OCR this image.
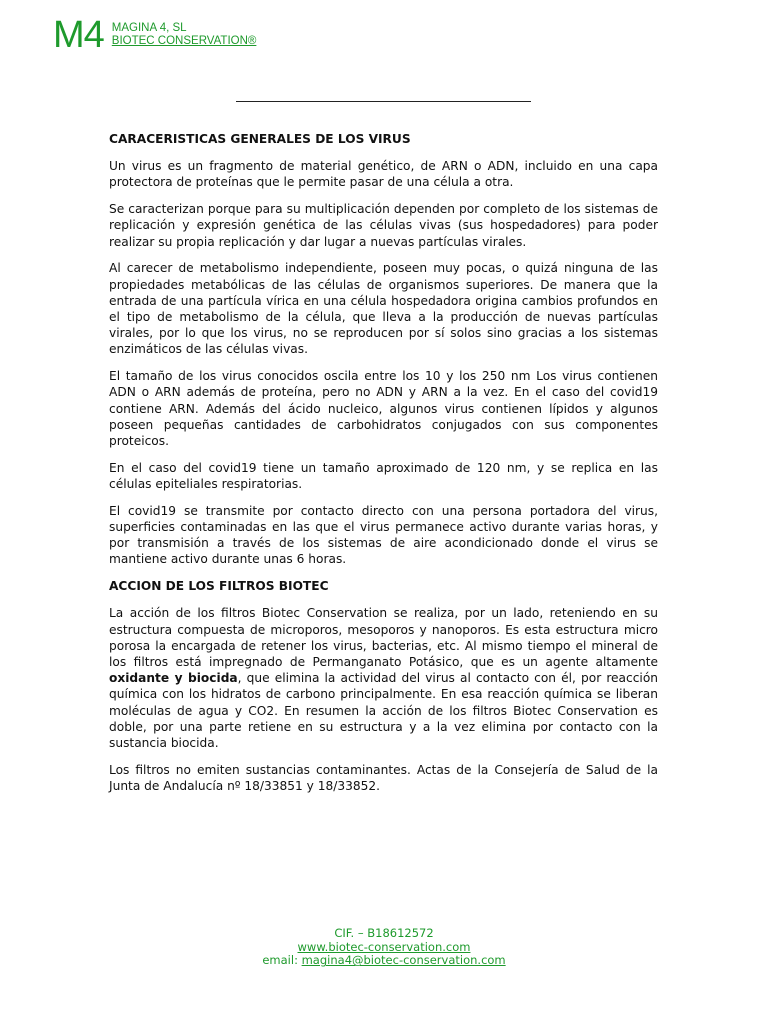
M4 MAGINA 4, SL
BIOTEC CONSERVATION®
CARACERISTICAS GENERALES DE LOS VIRUS

Un virus es un fragmento de material genético, de ARN o ADN, incluido en una capa protectora de proteínas que le permite pasar de una célula a otra.

Se caracterizan porque para su multiplicación dependen por completo de los sistemas de replicación y expresión genética de las células vivas (sus hospedadores) para poder realizar su propia replicación y dar lugar a nuevas partículas virales.

Al carecer de metabolismo independiente, poseen muy pocas, o quizá ninguna de las propiedades metabólicas de las células de organismos superiores. De manera que la entrada de una partícula vírica en una célula hospedadora origina cambios profundos en el tipo de metabolismo de la célula, que lleva a la producción de nuevas partículas virales, por lo que los virus, no se reproducen por sí solos sino gracias a los sistemas enzimáticos de las células vivas.

El tamaño de los virus conocidos oscila entre los 10 y los 250 nm Los virus contienen ADN o ARN además de proteína, pero no ADN y ARN a la vez. En el caso del covid19 contiene ARN. Además del ácido nucleico, algunos virus contienen lípidos y algunos poseen pequeñas cantidades de carbohidratos conjugados con sus componentes proteicos.

En el caso del covid19 tiene un tamaño aproximado de 120 nm, y se replica en las células epiteliales respiratorias.

El covid19 se transmite por contacto directo con una persona portadora del virus, superficies contaminadas en las que el virus permanece activo durante varias horas, y por transmisión a través de los sistemas de aire acondicionado donde el virus se mantiene activo durante unas 6 horas.

ACCION DE LOS FILTROS BIOTEC

La acción de los filtros Biotec Conservation se realiza, por un lado, reteniendo en su estructura compuesta de microporos, mesoporos y nanoporos. Es esta estructura micro porosa la encargada de retener los virus, bacterias, etc. Al mismo tiempo el mineral de los filtros está impregnado de Permanganato Potásico, que es un agente altamente oxidante y biocida, que elimina la actividad del virus al contacto con él, por reacción química con los hidratos de carbono principalmente. En esa reacción química se liberan moléculas de agua y CO2. En resumen la acción de los filtros Biotec Conservation es doble, por una parte retiene en su estructura y a la vez elimina por contacto con la sustancia biocida.

Los filtros no emiten sustancias contaminantes. Actas de la Consejería de Salud de la Junta de Andalucía nº 18/33851 y 18/33852.

CIF. – B18612572
www.biotec-conservation.com
email: magina4@biotec-conservation.com
